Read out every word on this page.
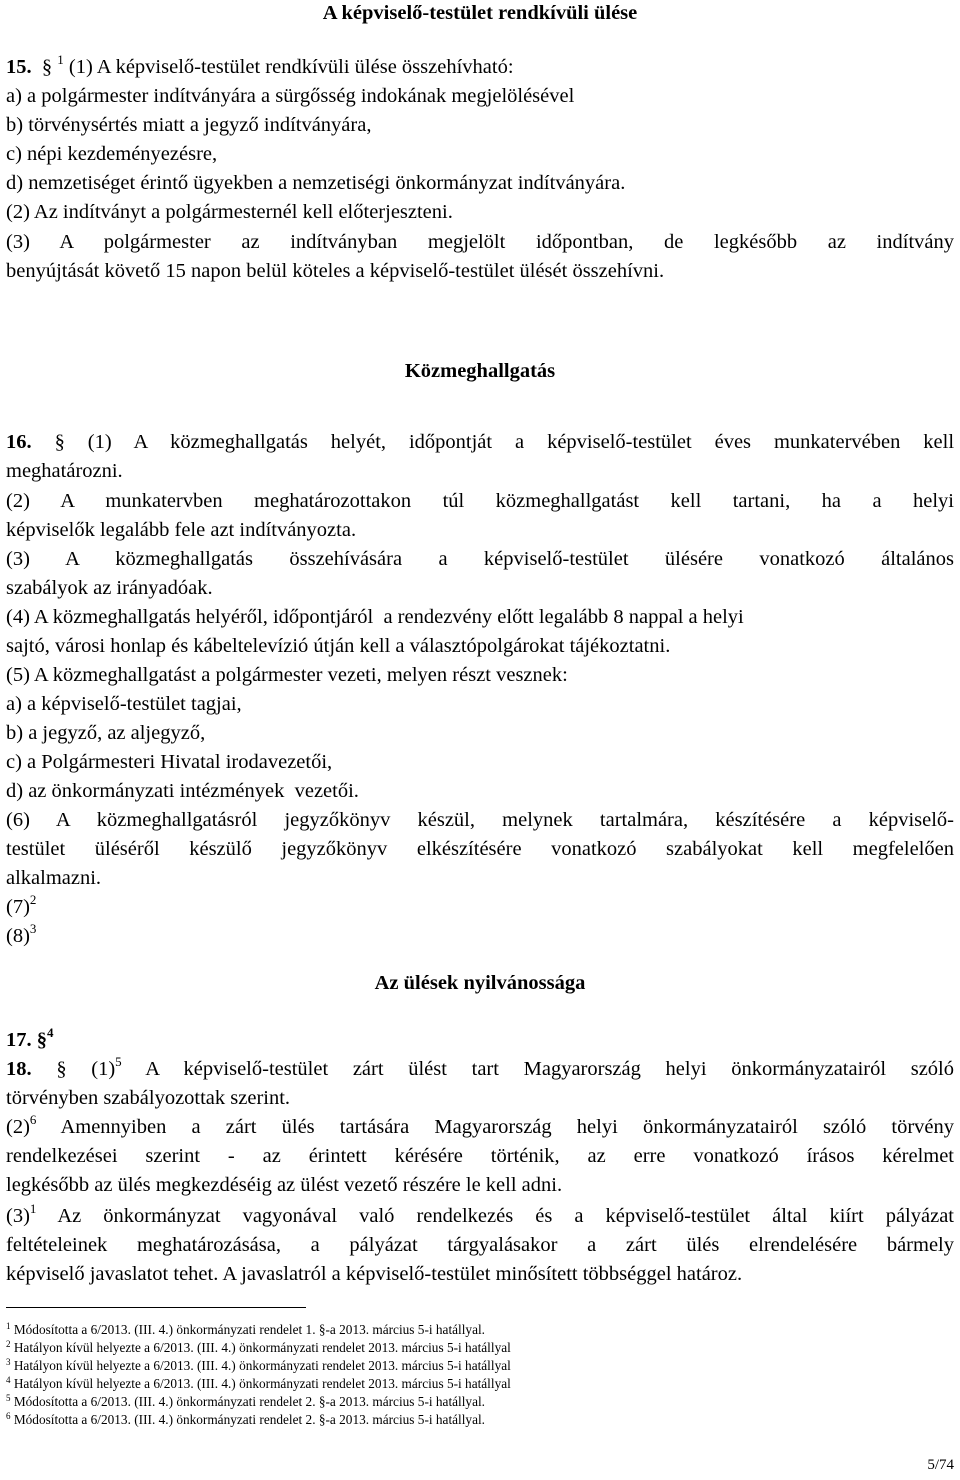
A képviselő-testület rendkívüli ülése
15. § $^1$ (1) A képviselő-testület rendkívüli ülése összehívható:
a) a polgármester indítványára a sürgősség indokának megjelölésével
b) törvénysértés miatt a jegyző indítványára,
c) népi kezdeményezésre,
d) nemzetiséget érintő ügyekben a nemzetiségi önkormányzat indítványára.
(2) Az indítványt a polgármesternél kell előterjeszteni.
(3) A polgármester az indítványban megjelölt időpontban, de legkésőbb az indítvány
benyújtását követő 15 napon belül köteles a képviselő-testület ülését összehívni.
Közmeghallgatás
16. § (1) A közmeghallgatás helyét, időpontját a képviselő-testület éves munkatervében kell
meghatározni.
(2) A munkatervben meghatározottakon túl közmeghallgatást kell tartani, ha a helyi
képviselők legalább fele azt indítványozta.
(3) A közmeghallgatás összehívására a képviselő-testület ülésére vonatkozó általános
szabályok az irányadóak.
(4) A közmeghallgatás helyéről, időpontjáról  a rendezvény előtt legalább 8 nappal a helyi
sajtó, városi honlap és kábeltelevízió útján kell a választópolgárokat tájékoztatni.
(5) A közmeghallgatást a polgármester vezeti, melyen részt vesznek:
a) a képviselő-testület tagjai,
b) a jegyző, az aljegyző,
c) a Polgármesteri Hivatal irodavezetői,
d) az önkormányzati intézmények  vezetői.
(6) A közmeghallgatásról jegyzőkönyv készül, melynek tartalmára, készítésére a képviselő-
testület üléséről készülő jegyzőkönyv elkészítésére vonatkozó szabályokat kell megfelelően
alkalmazni.
$(7)^2$
$(8)^3$
Az ülések nyilvánossága
17. §$^4$
18. § $(1)^5$ A képviselő-testület zárt ülést tart Magyarország helyi önkormányzatairól szóló
törvényben szabályozottak szerint.
$(2)^6$ Amennyiben a zárt ülés tartására Magyarország helyi önkormányzatairól szóló törvény
rendelkezései szerint - az érintett kérésére történik, az erre vonatkozó írásos kérelmet
legkésőbb az ülés megkezdéséig az ülést vezető részére le kell adni.
$(3)^1$ Az önkormányzat vagyonával való rendelkezés és a képviselő-testület által kiírt pályázat
feltételeinek meghatározásása, a pályázat tárgyalásakor a zárt ülés elrendelésére bármely
képviselő javaslatot tehet. A javaslatról a képviselő-testület minősített többséggel határoz.
$^1$ Módosította a 6/2013. (III. 4.) önkormányzati rendelet 1. §-a 2013. március 5-i hatállyal.
$^2$ Hatályon kívül helyezte a 6/2013. (III. 4.) önkormányzati rendelet 2013. március 5-i hatállyal
$^3$ Hatályon kívül helyezte a 6/2013. (III. 4.) önkormányzati rendelet 2013. március 5-i hatállyal
$^4$ Hatályon kívül helyezte a 6/2013. (III. 4.) önkormányzati rendelet 2013. március 5-i hatállyal
$^5$ Módosította a 6/2013. (III. 4.) önkormányzati rendelet 2. §-a 2013. március 5-i hatállyal.
$^6$ Módosította a 6/2013. (III. 4.) önkormányzati rendelet 2. §-a 2013. március 5-i hatállyal.
5/74
